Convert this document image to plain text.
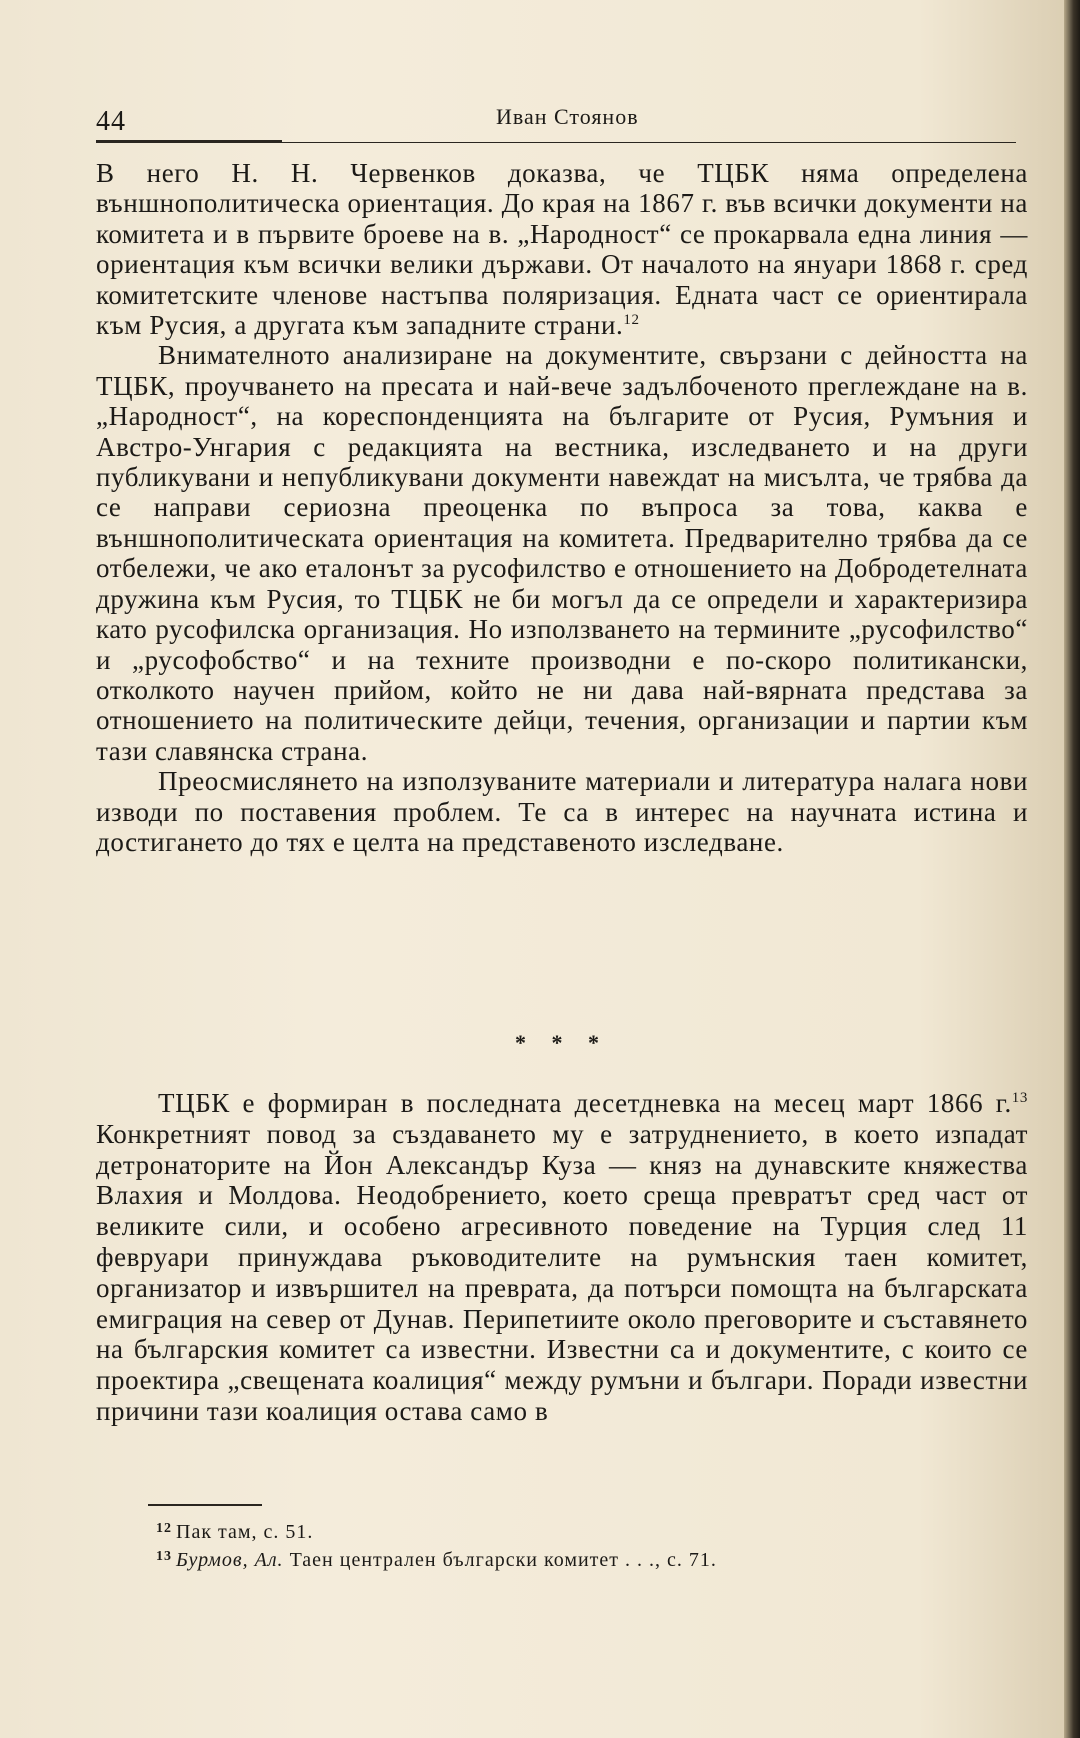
44	Иван Стоянов

В него Н. Н. Червенков доказва, че ТЦБК няма определена външнополитическа ориентация. До края на 1867 г. във всички документи на комитета и в първите броеве на в. „Народност“ се прокарвала една линия — ориентация към всички велики държави. От началото на януари 1868 г. сред комитетските членове настъпва поляризация. Едната част се ориентирала към Русия, а другата към западните страни.$^{12}$

Внимателното анализиране на документите, свързани с дейността на ТЦБК, проучването на пресата и най-вече задълбоченото преглеждане на в. „Народност“, на кореспонденцията на българите от Русия, Румъния и Австро-Унгария с редакцията на вестника, изследването и на други публикувани и непубликувани документи навеждат на мисълта, че трябва да се направи сериозна преоценка по въпроса за това, каква е външнополитическата ориентация на комитета. Предварително трябва да се отбележи, че ако еталонът за русофилство е отношението на Добродетелната дружина към Русия, то ТЦБК не би могъл да се определи и характеризира като русофилска организация. Но използването на термините „русофилство“ и „русофобство“ и на техните производни е по-скоро политикански, отколкото научен прийом, който не ни дава най-вярната представа за отношението на политическите дейци, течения, организации и партии към тази славянска страна.

Преосмислянето на използуваните материали и литература налага нови изводи по поставения проблем. Те са в интерес на научната истина и достигането до тях е целта на представеното изследване.

* * *

ТЦБК е формиран в последната десетдневка на месец март 1866 г.$^{13}$ Конкретният повод за създаването му е затруднението, в което изпадат детронаторите на Йон Александър Куза — княз на дунавските княжества Влахия и Молдова. Неодобрението, което среща превратът сред част от великите сили, и особено агресивното поведение на Турция след 11 февруари принуждава ръководителите на румънския таен комитет, организатор и извършител на преврата, да потърси помощта на българската емиграция на север от Дунав. Перипетиите около преговорите и съставянето на българския комитет са известни. Известни са и документите, с които се проектира „свещената коалиция“ между румъни и българи. Поради известни причини тази коалиция остава само в

12 Пак там, с. 51.
13 Бурмов, Ал. Таен централен български комитет . . ., с. 71.
